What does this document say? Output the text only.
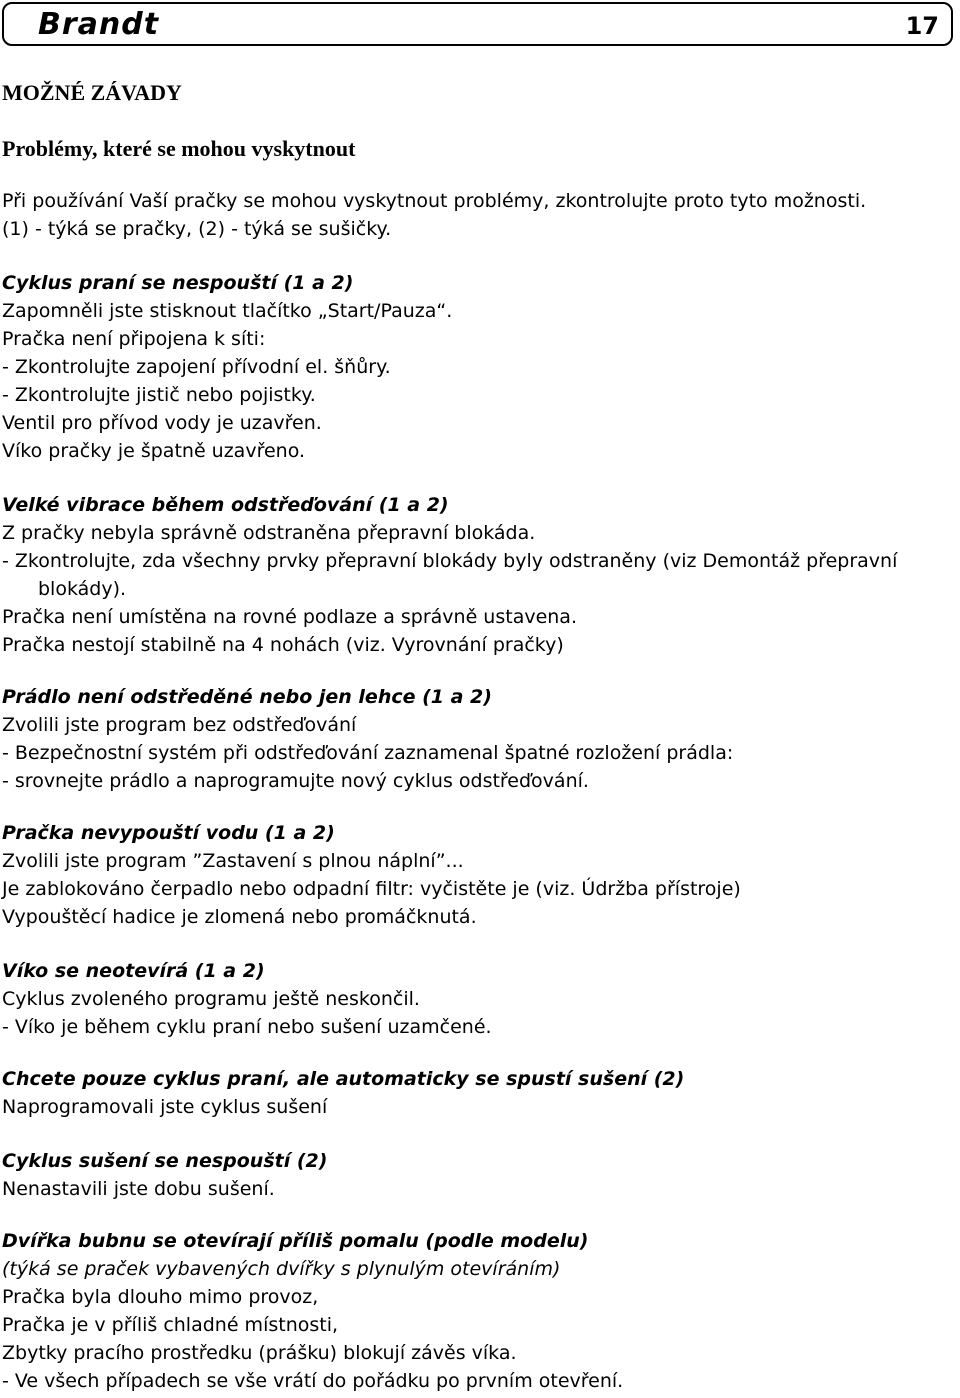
Brandt	17
MOŽNÉ ZÁVADY
Problémy, které se mohou vyskytnout
Při používání Vaší pračky se mohou vyskytnout problémy, zkontrolujte proto tyto možnosti.
(1) - týká se pračky, (2) - týká se sušičky.
Cyklus praní se nespouští (1 a 2)
Zapomněli jste stisknout tlačítko „Start/Pauza“.
Pračka není připojena k síti:
- Zkontrolujte zapojení přívodní el. šňůry.
- Zkontrolujte jistič nebo pojistky.
Ventil pro přívod vody je uzavřen.
Víko pračky je špatně uzavřeno.
Velké vibrace během odstřeďování (1 a 2)
Z pračky nebyla správně odstraněna přepravní blokáda.
- Zkontrolujte, zda všechny prvky přepravní blokády byly odstraněny (viz Demontáž přepravní
blokády).
Pračka není umístěna na rovné podlaze a správně ustavena.
Pračka nestojí stabilně na 4 nohách (viz. Vyrovnání pračky)
Prádlo není odstředěné nebo jen lehce (1 a 2)
Zvolili jste program bez odstřeďování
- Bezpečnostní systém při odstřeďování zaznamenal špatné rozložení prádla:
- srovnejte prádlo a naprogramujte nový cyklus odstřeďování.
Pračka nevypouští vodu (1 a 2)
Zvolili jste program ”Zastavení s plnou náplní”...
Je zablokováno čerpadlo nebo odpadní filtr: vyčistěte je (viz. Údržba přístroje)
Vypouštěcí hadice je zlomená nebo promáčknutá.
Víko se neotevírá (1 a 2)
Cyklus zvoleného programu ještě neskončil.
- Víko je během cyklu praní nebo sušení uzamčené.
Chcete pouze cyklus praní, ale automaticky se spustí sušení (2)
Naprogramovali jste cyklus sušení
Cyklus sušení se nespouští (2)
Nenastavili jste dobu sušení.
Dvířka bubnu se otevírají příliš pomalu (podle modelu)
(týká se praček vybavených dvířky s plynulým otevíráním)
Pračka byla dlouho mimo provoz,
Pračka je v příliš chladné místnosti,
Zbytky pracího prostředku (prášku) blokují závěs víka.
- Ve všech případech se vše vrátí do pořádku po prvním otevření.
